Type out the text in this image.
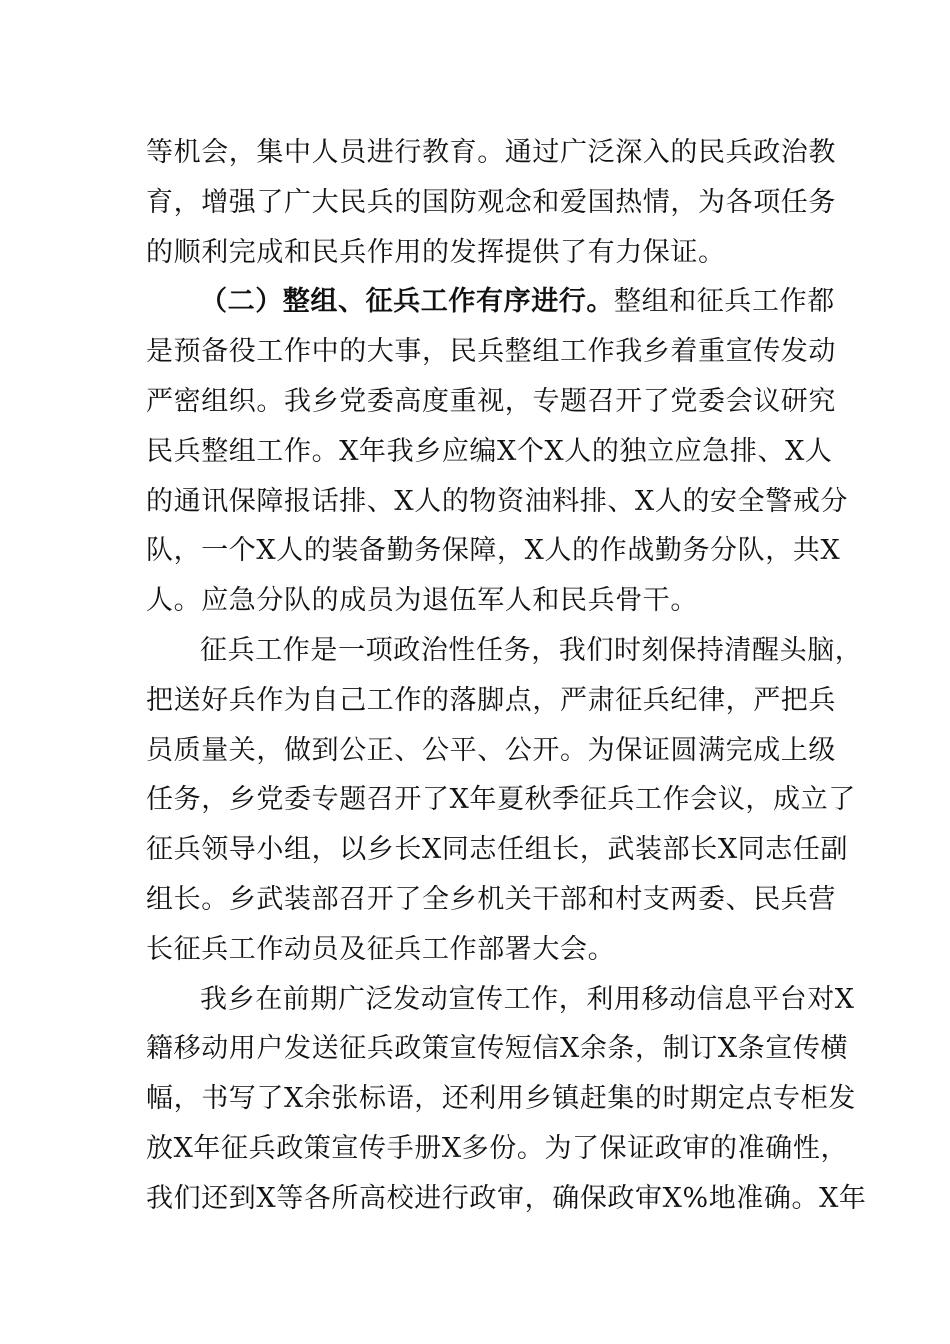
等机会，集中人员进行教育。通过广泛深入的民兵政治教
育，增强了广大民兵的国防观念和爱国热情，为各项任务
的顺利完成和民兵作用的发挥提供了有力保证。
（二）整组、征兵工作有序进行。整组和征兵工作都
是预备役工作中的大事，民兵整组工作我乡着重宣传发动
严密组织。我乡党委高度重视，专题召开了党委会议研究
民兵整组工作。X年我乡应编X个X人的独立应急排、X人
的通讯保障报话排、X人的物资油料排、X人的安全警戒分
队，一个X人的装备勤务保障，X人的作战勤务分队，共X
人。应急分队的成员为退伍军人和民兵骨干。
征兵工作是一项政治性任务，我们时刻保持清醒头脑，
把送好兵作为自己工作的落脚点，严肃征兵纪律，严把兵
员质量关，做到公正、公平、公开。为保证圆满完成上级
任务，乡党委专题召开了X年夏秋季征兵工作会议，成立了
征兵领导小组，以乡长X同志任组长，武装部长X同志任副
组长。乡武装部召开了全乡机关干部和村支两委、民兵营
长征兵工作动员及征兵工作部署大会。
我乡在前期广泛发动宣传工作，利用移动信息平台对X
籍移动用户发送征兵政策宣传短信X余条，制订X条宣传横
幅，书写了X余张标语，还利用乡镇赶集的时期定点专柜发
放X年征兵政策宣传手册X多份。为了保证政审的准确性，
我们还到X等各所高校进行政审，确保政审X%地准确。X年
